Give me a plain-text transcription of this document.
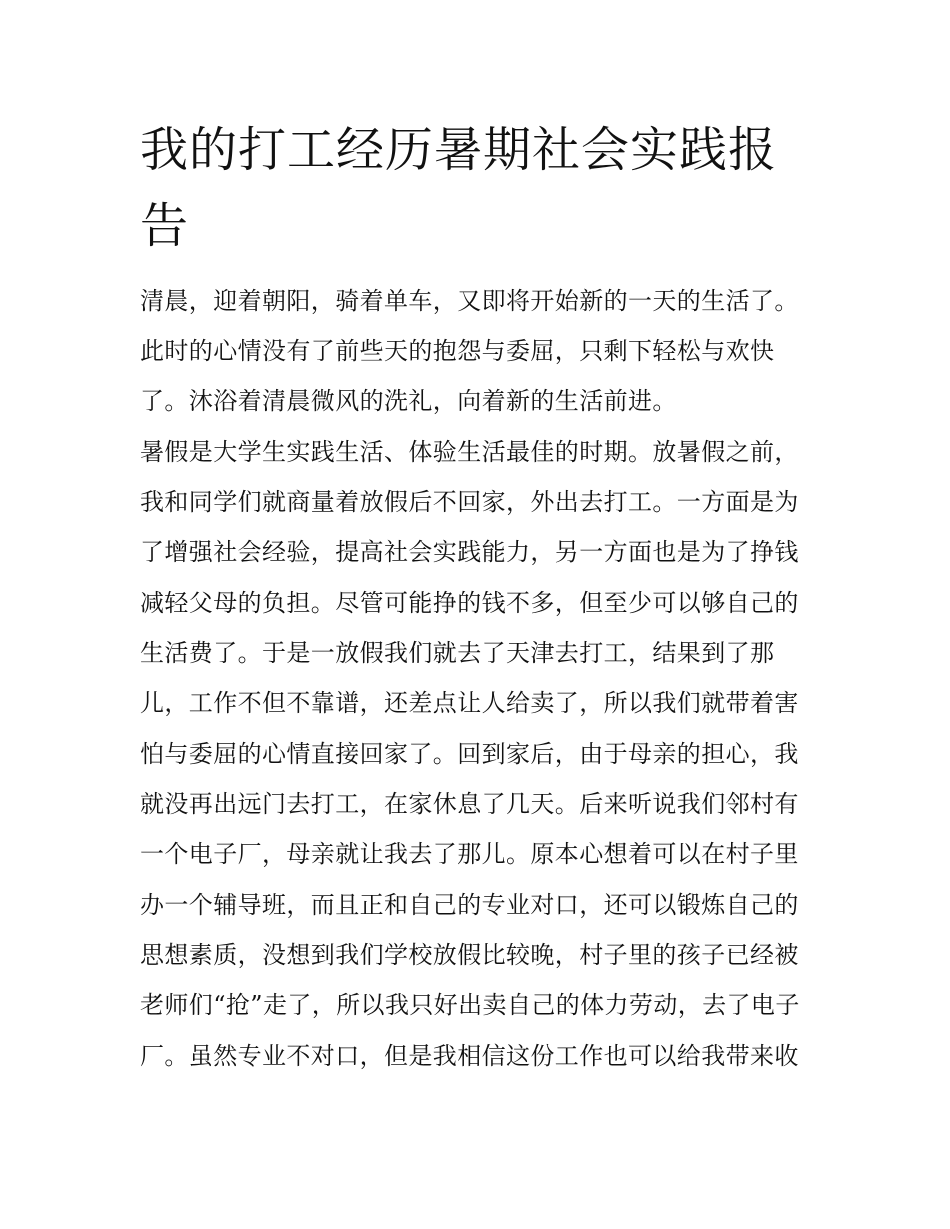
我的打工经历暑期社会实践报
告
清晨，迎着朝阳，骑着单车，又即将开始新的一天的生活了。
此时的心情没有了前些天的抱怨与委屈，只剩下轻松与欢快
了。沐浴着清晨微风的洗礼，向着新的生活前进。
暑假是大学生实践生活、体验生活最佳的时期。放暑假之前，
我和同学们就商量着放假后不回家，外出去打工。一方面是为
了增强社会经验，提高社会实践能力，另一方面也是为了挣钱
减轻父母的负担。尽管可能挣的钱不多，但至少可以够自己的
生活费了。于是一放假我们就去了天津去打工，结果到了那
儿，工作不但不靠谱，还差点让人给卖了，所以我们就带着害
怕与委屈的心情直接回家了。回到家后，由于母亲的担心，我
就没再出远门去打工，在家休息了几天。后来听说我们邻村有
一个电子厂，母亲就让我去了那儿。原本心想着可以在村子里
办一个辅导班，而且正和自己的专业对口，还可以锻炼自己的
思想素质，没想到我们学校放假比较晚，村子里的孩子已经被
老师们“抢”走了，所以我只好出卖自己的体力劳动，去了电子
厂。虽然专业不对口，但是我相信这份工作也可以给我带来收
